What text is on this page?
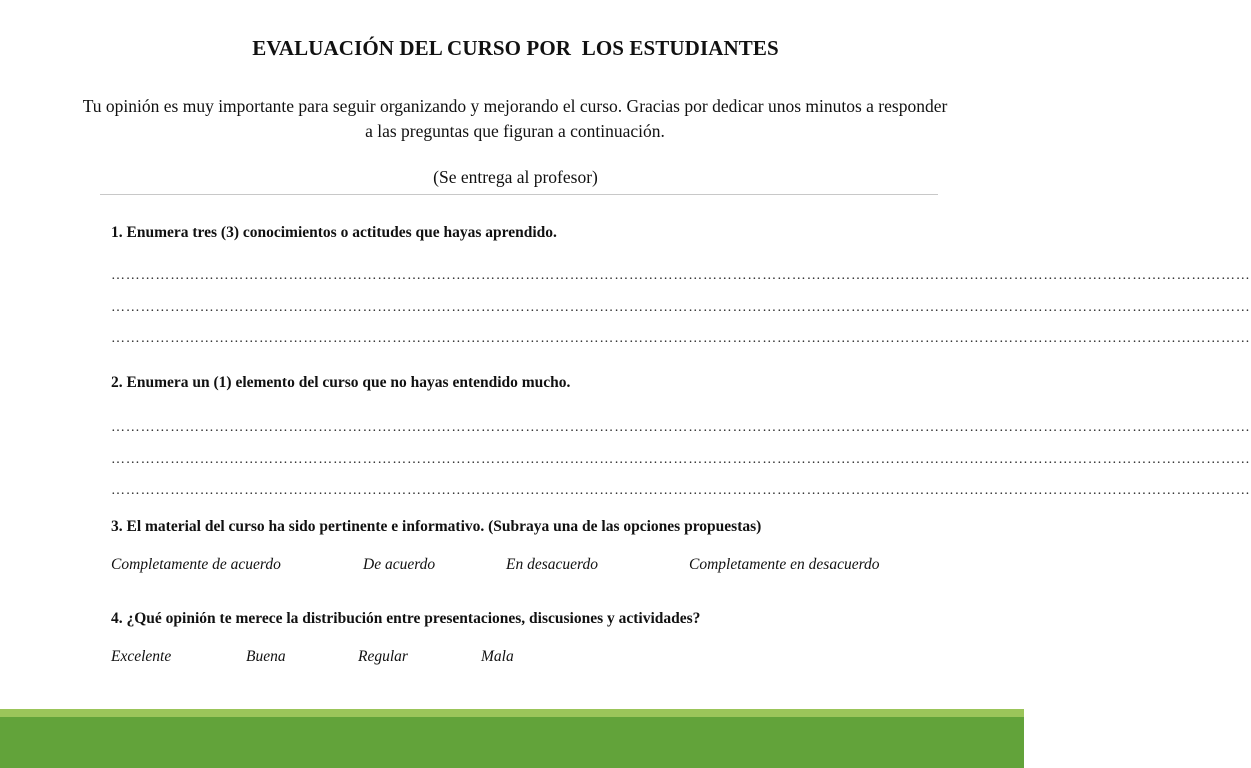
EVALUACIÓN DEL CURSO POR  LOS ESTUDIANTES

Tu opinión es muy importante para seguir organizando y mejorando el curso. Gracias por dedicar unos minutos a responder a las preguntas que figuran a continuación.

(Se entrega al profesor)

1. Enumera tres (3) conocimientos o actitudes que hayas aprendido.

……………………………………………………………………………………………………………………………………………………………………………………………………………
……………………………………………………………………………………………………………………………………………………………………………………………………………
……………………………………………………………………………………………………………………………………………………………………………………………………………

2. Enumera un (1) elemento del curso que no hayas entendido mucho.

……………………………………………………………………………………………………………………………………………………………………………………………………………
……………………………………………………………………………………………………………………………………………………………………………………………………………
……………………………………………………………………………………………………………………………………………………………………………………………………………

3. El material del curso ha sido pertinente e informativo. (Subraya una de las opciones propuestas)

Completamente de acuerdo	De acuerdo	En desacuerdo	Completamente en desacuerdo

4. ¿Qué opinión te merece la distribución entre presentaciones, discusiones y actividades?

Excelente	Buena	Regular	Mala
